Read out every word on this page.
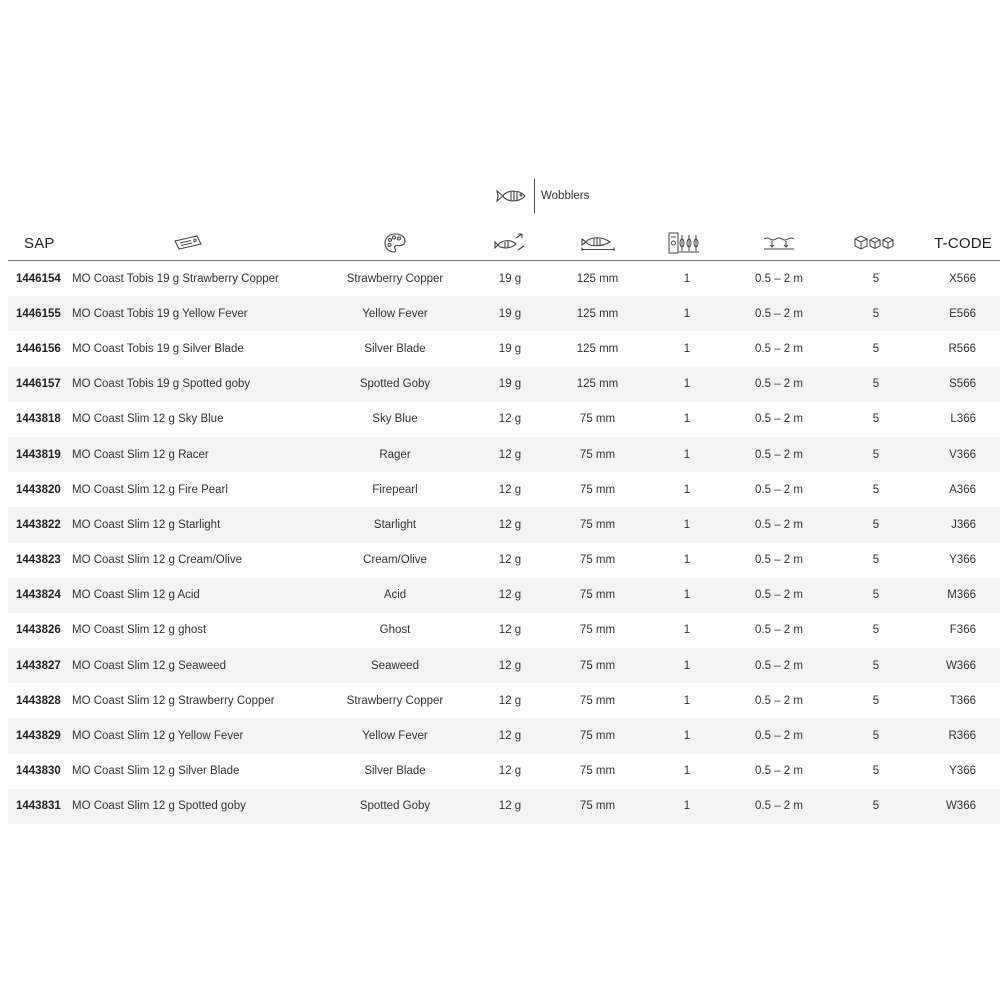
Wobblers
SAP								T-CODE
1446154	MO Coast Tobis 19 g Strawberry Copper	Strawberry Copper	19 g	125 mm	1	0.5 – 2 m	5	X566
1446155	MO Coast Tobis 19 g Yellow Fever	Yellow Fever	19 g	125 mm	1	0.5 – 2 m	5	E566
1446156	MO Coast Tobis 19 g Silver Blade	Silver Blade	19 g	125 mm	1	0.5 – 2 m	5	R566
1446157	MO Coast Tobis 19 g Spotted goby	Spotted Goby	19 g	125 mm	1	0.5 – 2 m	5	S566
1443818	MO Coast Slim 12 g Sky Blue	Sky Blue	12 g	75 mm	1	0.5 – 2 m	5	L366
1443819	MO Coast Slim 12 g Racer	Rager	12 g	75 mm	1	0.5 – 2 m	5	V366
1443820	MO Coast Slim 12 g Fire Pearl	Firepearl	12 g	75 mm	1	0.5 – 2 m	5	A366
1443822	MO Coast Slim 12 g Starlight	Starlight	12 g	75 mm	1	0.5 – 2 m	5	J366
1443823	MO Coast Slim 12 g Cream/Olive	Cream/Olive	12 g	75 mm	1	0.5 – 2 m	5	Y366
1443824	MO Coast Slim 12 g Acid	Acid	12 g	75 mm	1	0.5 – 2 m	5	M366
1443826	MO Coast Slim 12 g ghost	Ghost	12 g	75 mm	1	0.5 – 2 m	5	F366
1443827	MO Coast Slim 12 g Seaweed	Seaweed	12 g	75 mm	1	0.5 – 2 m	5	W366
1443828	MO Coast Slim 12 g Strawberry Copper	Strawberry Copper	12 g	75 mm	1	0.5 – 2 m	5	T366
1443829	MO Coast Slim 12 g Yellow Fever	Yellow Fever	12 g	75 mm	1	0.5 – 2 m	5	R366
1443830	MO Coast Slim 12 g Silver Blade	Silver Blade	12 g	75 mm	1	0.5 – 2 m	5	Y366
1443831	MO Coast Slim 12 g Spotted goby	Spotted Goby	12 g	75 mm	1	0.5 – 2 m	5	W366
